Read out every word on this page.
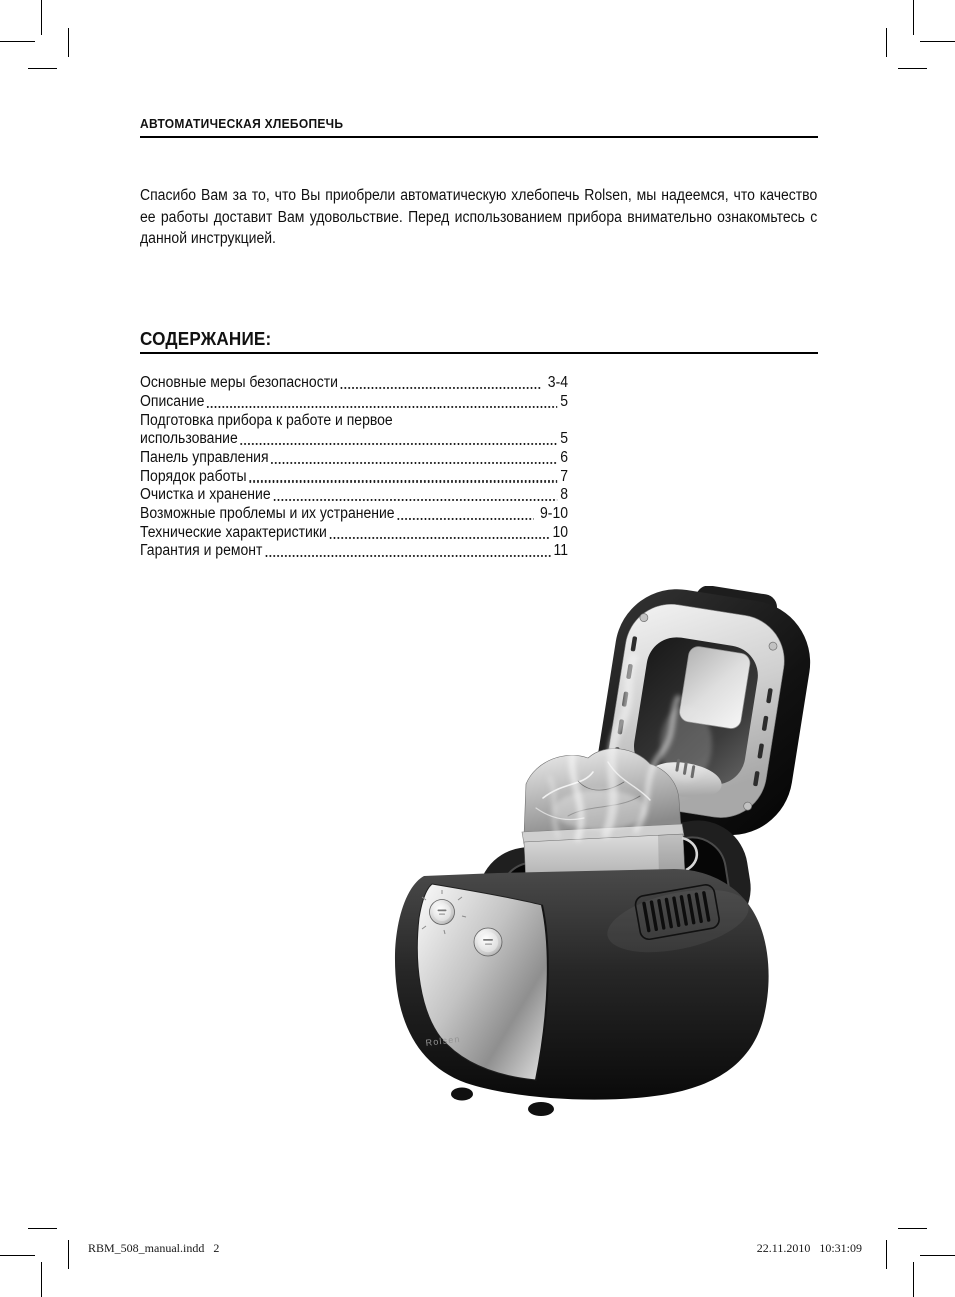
АВТОМАТИЧЕСКАЯ ХЛЕБОПЕЧЬ
Спасибо Вам за то, что Вы приобрели автоматическую хлебопечь Rolsen, мы надеемся, что качество ее работы доставит Вам удовольствие. Перед использованием прибора внимательно ознакомьтесь с данной инструкцией.
СОДЕРЖАНИЕ:
Основные меры безопасности	3-4
Описание	5
Подготовка прибора к работе и первое
использование	5
Панель управления	6
Порядок работы	7
Очистка и хранение	8
Возможные проблемы и их устранение	9-10
Технические характеристики	10
Гарантия и ремонт	11
Rolsen
RBM_508_manual.indd   2	22.11.2010   10:31:09
